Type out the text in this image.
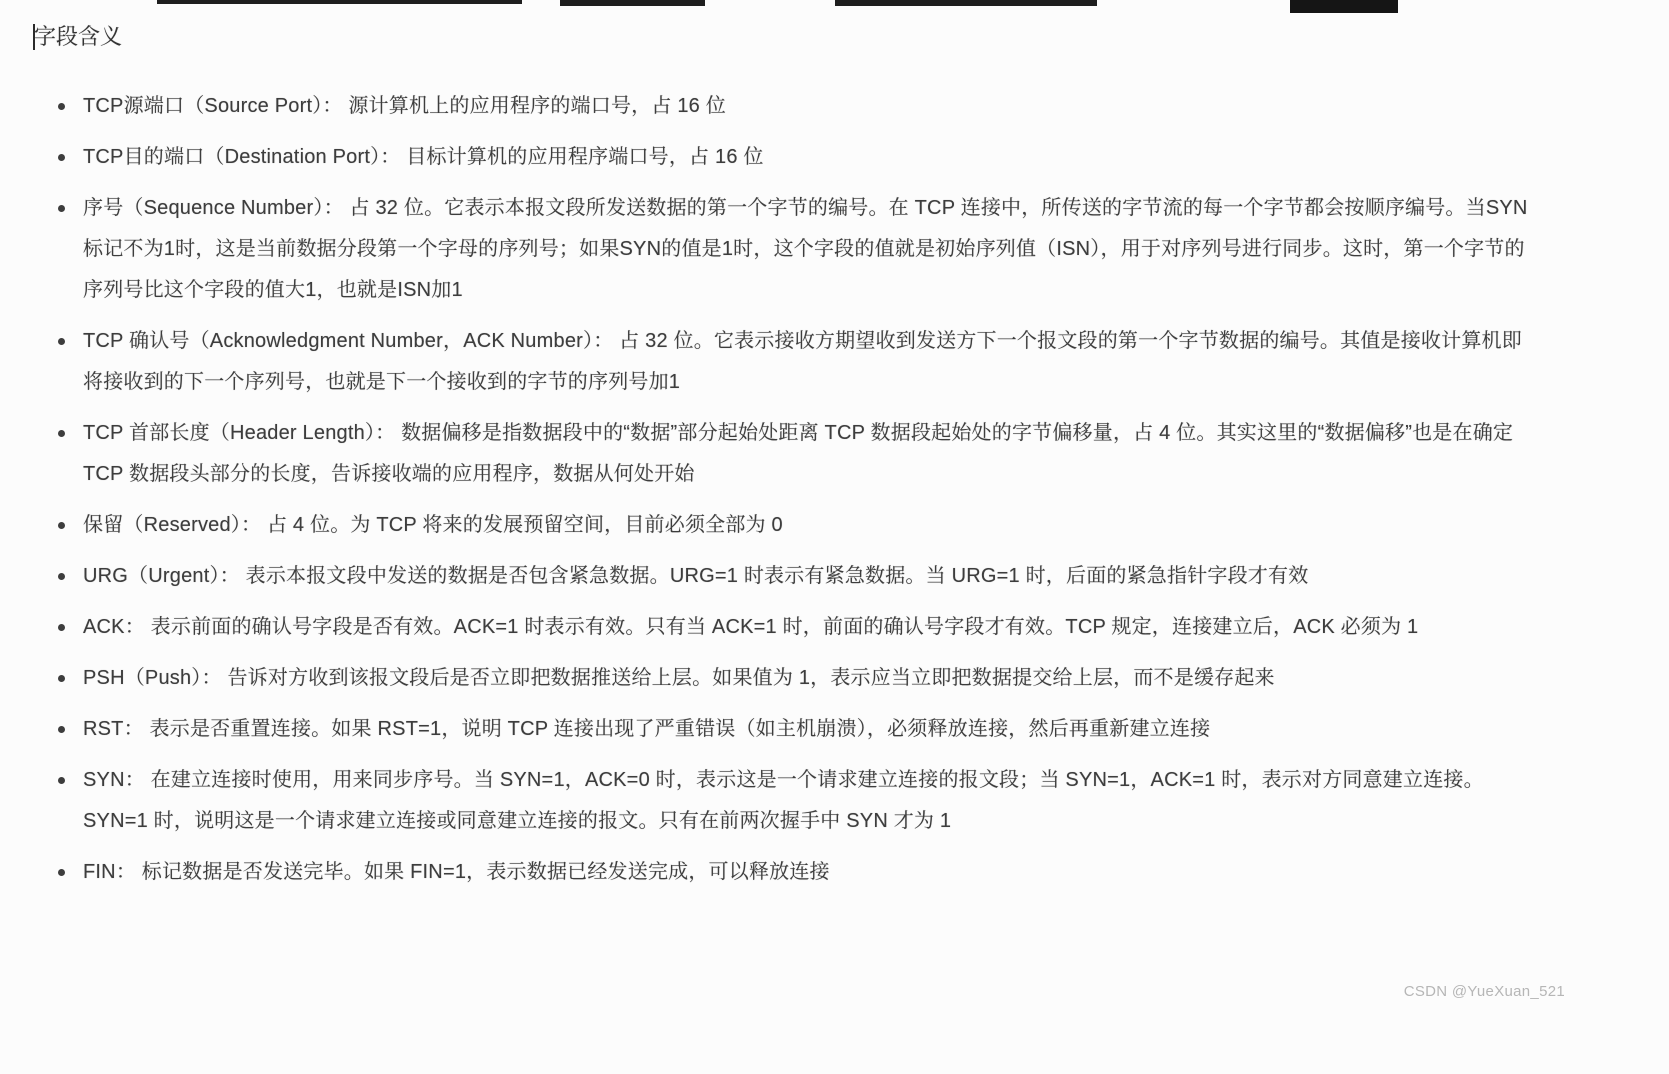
字段含义
TCP源端口（Source Port）： 源计算机上的应用程序的端口号，占 16 位
TCP目的端口（Destination Port）： 目标计算机的应用程序端口号，占 16 位
序号（Sequence Number）： 占 32 位。它表示本报文段所发送数据的第一个字节的编号。在 TCP 连接中，所传送的字节流的每一个字节都会按顺序编号。当SYN标记不为1时，这是当前数据分段第一个字母的序列号；如果SYN的值是1时，这个字段的值就是初始序列值（ISN），用于对序列号进行同步。这时，第一个字节的序列号比这个字段的值大1，也就是ISN加1
TCP 确认号（Acknowledgment Number，ACK Number）： 占 32 位。它表示接收方期望收到发送方下一个报文段的第一个字节数据的编号。其值是接收计算机即将接收到的下一个序列号，也就是下一个接收到的字节的序列号加1
TCP 首部长度（Header Length）： 数据偏移是指数据段中的“数据”部分起始处距离 TCP 数据段起始处的字节偏移量，占 4 位。其实这里的“数据偏移”也是在确定 TCP 数据段头部分的长度，告诉接收端的应用程序，数据从何处开始
保留（Reserved）： 占 4 位。为 TCP 将来的发展预留空间，目前必须全部为 0
URG（Urgent）： 表示本报文段中发送的数据是否包含紧急数据。URG=1 时表示有紧急数据。当 URG=1 时，后面的紧急指针字段才有效
ACK： 表示前面的确认号字段是否有效。ACK=1 时表示有效。只有当 ACK=1 时，前面的确认号字段才有效。TCP 规定，连接建立后，ACK 必须为 1
PSH（Push）： 告诉对方收到该报文段后是否立即把数据推送给上层。如果值为 1，表示应当立即把数据提交给上层，而不是缓存起来
RST： 表示是否重置连接。如果 RST=1，说明 TCP 连接出现了严重错误（如主机崩溃），必须释放连接，然后再重新建立连接
SYN： 在建立连接时使用，用来同步序号。当 SYN=1，ACK=0 时，表示这是一个请求建立连接的报文段；当 SYN=1，ACK=1 时，表示对方同意建立连接。SYN=1 时，说明这是一个请求建立连接或同意建立连接的报文。只有在前两次握手中 SYN 才为 1
FIN： 标记数据是否发送完毕。如果 FIN=1，表示数据已经发送完成，可以释放连接
CSDN @YueXuan_521
